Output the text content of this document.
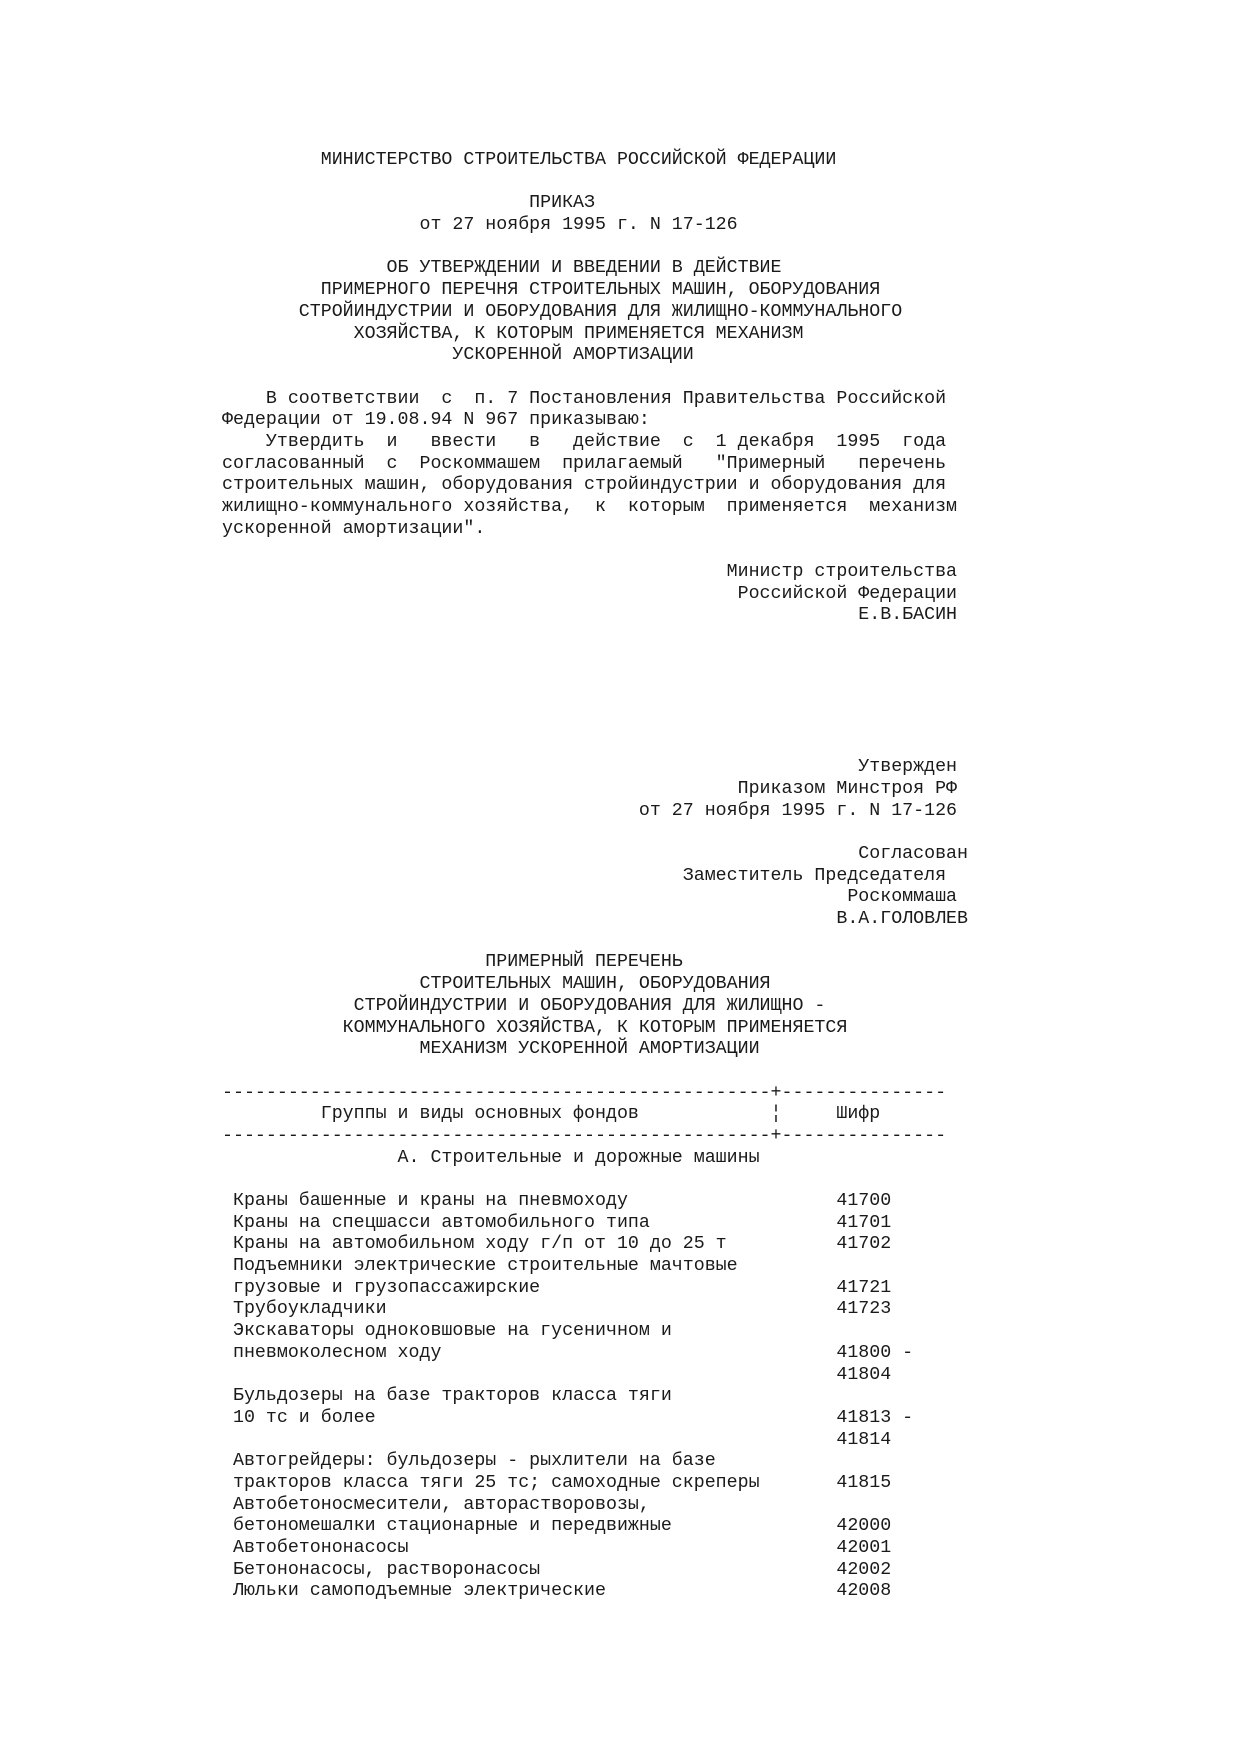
МИНИСТЕРСТВО СТРОИТЕЛЬСТВА РОССИЙСКОЙ ФЕДЕРАЦИИ
ПРИКАЗ
от 27 ноября 1995 г. N 17-126
ОБ УТВЕРЖДЕНИИ И ВВЕДЕНИИ В ДЕЙСТВИЕ
ПРИМЕРНОГО ПЕРЕЧНЯ СТРОИТЕЛЬНЫХ МАШИН, ОБОРУДОВАНИЯ
СТРОЙИНДУСТРИИ И ОБОРУДОВАНИЯ ДЛЯ ЖИЛИЩНО-КОММУНАЛЬНОГО
ХОЗЯЙСТВА, К КОТОРЫМ ПРИМЕНЯЕТСЯ МЕХАНИЗМ
УСКОРЕННОЙ АМОРТИЗАЦИИ
В соответствии  с  п. 7 Постановления Правительства Российской
Федерации от 19.08.94 N 967 приказываю:
Утвердить  и   ввести   в   действие  с  1 декабря  1995  года
согласованный  с  Роскоммашем  прилагаемый   "Примерный   перечень
строительных машин, оборудования стройиндустрии и оборудования для
жилищно-коммунального хозяйства,  к  которым  применяется  механизм
ускоренной амортизации".
Министр строительства
Российской Федерации
Е.В.БАСИН
Утвержден
Приказом Минстроя РФ
от 27 ноября 1995 г. N 17-126
Согласован
Заместитель Председателя
Роскоммаша
В.А.ГОЛОВЛЕВ
ПРИМЕРНЫЙ ПЕРЕЧЕНЬ
СТРОИТЕЛЬНЫХ МАШИН, ОБОРУДОВАНИЯ
СТРОЙИНДУСТРИИ И ОБОРУДОВАНИЯ ДЛЯ ЖИЛИЩНО -
КОММУНАЛЬНОГО ХОЗЯЙСТВА, К КОТОРЫМ ПРИМЕНЯЕТСЯ
МЕХАНИЗМ УСКОРЕННОЙ АМОРТИЗАЦИИ
--------------------------------------------------+---------------
Группы и виды основных фондов            ¦     Шифр
--------------------------------------------------+---------------
А. Строительные и дорожные машины
Краны башенные и краны на пневмоходу                   41700
Краны на спецшасси автомобильного типа                 41701
Краны на автомобильном ходу г/п от 10 до 25 т          41702
Подъемники электрические строительные мачтовые
грузовые и грузопассажирские                           41721
Трубоукладчики                                         41723
Экскаваторы одноковшовые на гусеничном и
пневмоколесном ходу                                    41800 -
41804
Бульдозеры на базе тракторов класса тяги
10 тс и более                                          41813 -
41814
Автогрейдеры: бульдозеры - рыхлители на базе
тракторов класса тяги 25 тс; самоходные скреперы       41815
Автобетоносмесители, авторастворовозы,
бетономешалки стационарные и передвижные               42000
Автобетононасосы                                       42001
Бетононасосы, растворонасосы                           42002
Люльки самоподъемные электрические                     42008
